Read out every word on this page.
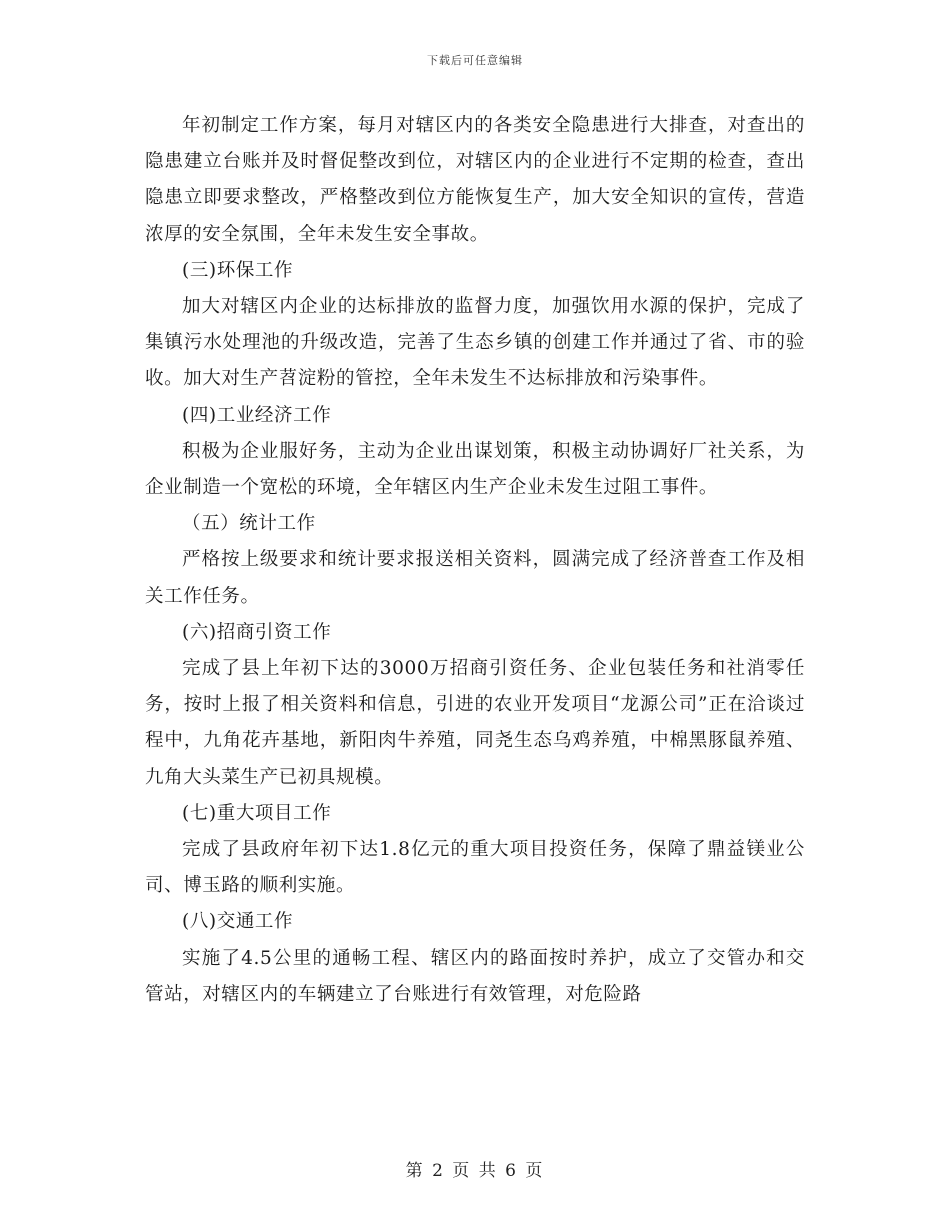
下载后可任意编辑

年初制定工作方案，每月对辖区内的各类安全隐患进行大排查，对查出的隐患建立台账并及时督促整改到位，对辖区内的企业进行不定期的检查，查出隐患立即要求整改，严格整改到位方能恢复生产，加大安全知识的宣传，营造浓厚的安全氛围，全年未发生安全事故。

(三)环保工作

加大对辖区内企业的达标排放的监督力度，加强饮用水源的保护，完成了集镇污水处理池的升级改造，完善了生态乡镇的创建工作并通过了省、市的验收。加大对生产苕淀粉的管控，全年未发生不达标排放和污染事件。

(四)工业经济工作

积极为企业服好务，主动为企业出谋划策，积极主动协调好厂社关系，为企业制造一个宽松的环境，全年辖区内生产企业未发生过阻工事件。

（五）统计工作

严格按上级要求和统计要求报送相关资料，圆满完成了经济普查工作及相关工作任务。

(六)招商引资工作

完成了县上年初下达的3000万招商引资任务、企业包装任务和社消零任务，按时上报了相关资料和信息，引进的农业开发项目“龙源公司”正在洽谈过程中，九角花卉基地，新阳肉牛养殖，同尧生态乌鸡养殖，中棉黑豚鼠养殖、九角大头菜生产已初具规模。

(七)重大项目工作

完成了县政府年初下达1.8亿元的重大项目投资任务，保障了鼎益镁业公司、博玉路的顺利实施。

(八)交通工作

实施了4.5公里的通畅工程、辖区内的路面按时养护，成立了交管办和交管站，对辖区内的车辆建立了台账进行有效管理，对危险路

第 2 页 共 6 页
